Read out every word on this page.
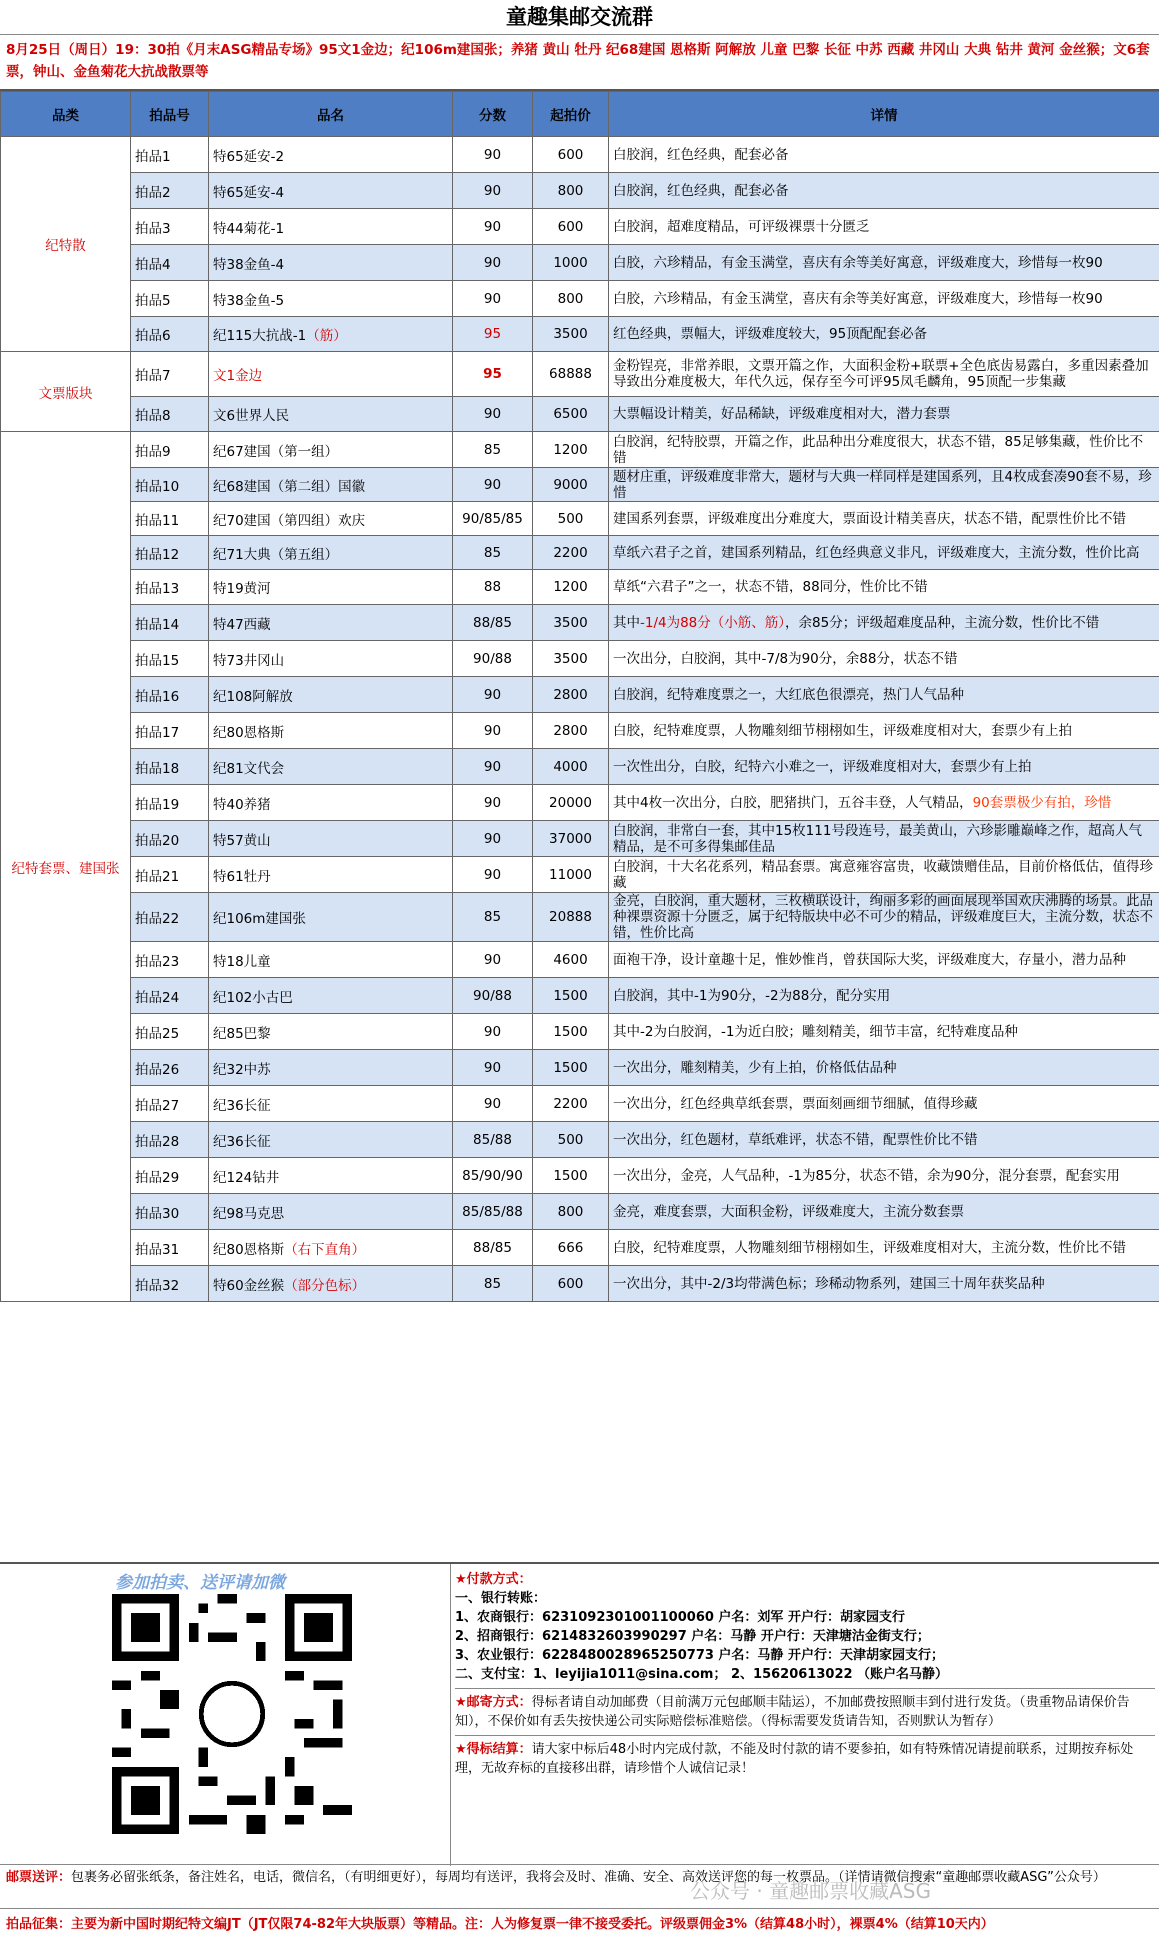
童趣集邮交流群
8月25日（周日）19：30拍《月末ASG精品专场》95文1金边；纪106m建国张；养猪 黄山 牡丹 纪68建国 恩格斯 阿解放 儿童 巴黎 长征 中苏 西藏 井冈山 大典 钻井 黄河 金丝猴；文6套票，钟山、金鱼菊花大抗战散票等
品类	拍品号	品名	分数	起拍价	详情
纪特散	拍品1	特65延安-2	90	600	白胶润，红色经典，配套必备
	拍品2	特65延安-4	90	800	白胶润，红色经典，配套必备
	拍品3	特44菊花-1	90	600	白胶润，超难度精品，可评级裸票十分匮乏
	拍品4	特38金鱼-4	90	1000	白胶，六珍精品，有金玉满堂，喜庆有余等美好寓意，评级难度大，珍惜每一枚90
	拍品5	特38金鱼-5	90	800	白胶，六珍精品，有金玉满堂，喜庆有余等美好寓意，评级难度大，珍惜每一枚90
	拍品6	纪115大抗战-1（筋）	95	3500	红色经典，票幅大，评级难度较大，95顶配配套必备
文票版块	拍品7	文1金边	95	68888	金粉锃亮，非常养眼，文票开篇之作，大面积金粉+联票+全色底齿易露白，多重因素叠加导致出分难度极大，年代久远，保存至今可评95凤毛麟角，95顶配一步集藏
	拍品8	文6世界人民	90	6500	大票幅设计精美，好品稀缺，评级难度相对大，潜力套票
纪特套票、建国张	拍品9	纪67建国（第一组）	85	1200	白胶润，纪特胶票，开篇之作，此品种出分难度很大，状态不错，85足够集藏，性价比不错
	拍品10	纪68建国（第二组）国徽	90	9000	题材庄重，评级难度非常大，题材与大典一样同样是建国系列，且4枚成套凑90套不易，珍惜
	拍品11	纪70建国（第四组）欢庆	90/85/85	500	建国系列套票，评级难度出分难度大，票面设计精美喜庆，状态不错，配票性价比不错
	拍品12	纪71大典（第五组）	85	2200	草纸六君子之首，建国系列精品，红色经典意义非凡，评级难度大，主流分数，性价比高
	拍品13	特19黄河	88	1200	草纸“六君子”之一，状态不错，88同分，性价比不错
	拍品14	特47西藏	88/85	3500	其中-1/4为88分（小筋、筋），余85分；评级超难度品种，主流分数，性价比不错
	拍品15	特73井冈山	90/88	3500	一次出分，白胶润，其中-7/8为90分，余88分，状态不错
	拍品16	纪108阿解放	90	2800	白胶润，纪特难度票之一，大红底色很漂亮，热门人气品种
	拍品17	纪80恩格斯	90	2800	白胶，纪特难度票，人物雕刻细节栩栩如生，评级难度相对大，套票少有上拍
	拍品18	纪81文代会	90	4000	一次性出分，白胶，纪特六小难之一，评级难度相对大，套票少有上拍
	拍品19	特40养猪	90	20000	其中4枚一次出分，白胶，肥猪拱门，五谷丰登，人气精品，90套票极少有拍，珍惜
	拍品20	特57黄山	90	37000	白胶润，非常白一套，其中15枚111号段连号，最美黄山，六珍影雕巅峰之作，超高人气精品，是不可多得集邮佳品
	拍品21	特61牡丹	90	11000	白胶润，十大名花系列，精品套票。寓意雍容富贵，收藏馈赠佳品，目前价格低估，值得珍藏
	拍品22	纪106m建国张	85	20888	金亮，白胶润，重大题材，三枚横联设计，绚丽多彩的画面展现举国欢庆沸腾的场景。此品种裸票资源十分匮乏，属于纪特版块中必不可少的精品，评级难度巨大，主流分数，状态不错，性价比高
	拍品23	特18儿童	90	4600	面袍干净，设计童趣十足，惟妙惟肖，曾获国际大奖，评级难度大，存量小，潜力品种
	拍品24	纪102小古巴	90/88	1500	白胶润，其中-1为90分，-2为88分，配分实用
	拍品25	纪85巴黎	90	1500	其中-2为白胶润，-1为近白胶；雕刻精美，细节丰富，纪特难度品种
	拍品26	纪32中苏	90	1500	一次出分，雕刻精美，少有上拍，价格低估品种
	拍品27	纪36长征	90	2200	一次出分，红色经典草纸套票，票面刻画细节细腻，值得珍藏
	拍品28	纪36长征	85/88	500	一次出分，红色题材，草纸难评，状态不错，配票性价比不错
	拍品29	纪124钻井	85/90/90	1500	一次出分，金亮，人气品种，-1为85分，状态不错，余为90分，混分套票，配套实用
	拍品30	纪98马克思	85/85/88	800	金亮，难度套票，大面积金粉，评级难度大，主流分数套票
	拍品31	纪80恩格斯（右下直角）	88/85	666	白胶，纪特难度票，人物雕刻细节栩栩如生，评级难度相对大，主流分数，性价比不错
	拍品32	特60金丝猴（部分色标）	85	600	一次出分，其中-2/3均带满色标；珍稀动物系列，建国三十周年获奖品种
参加拍卖、送评请加微	★付款方式：
一、银行转账：
1、农商银行：6231092301001100060 户名：刘军 开户行：胡家园支行
2、招商银行：6214832603990297 户名：马静 开户行：天津塘沽金街支行；
3、农业银行：6228480028965250773 户名：马静 开户行：天津胡家园支行；
二、支付宝：1、leyijia1011@sina.com； 2、15620613022 （账户名马静）
★邮寄方式：得标者请自动加邮费（目前满万元包邮顺丰陆运），不加邮费按照顺丰到付进行发货。（贵重物品请保价告知），不保价如有丢失按快递公司实际赔偿标准赔偿。（得标需要发货请告知，否则默认为暂存）
★得标结算：请大家中标后48小时内完成付款，不能及时付款的请不要参拍，如有特殊情况请提前联系，过期按弃标处理，无故弃标的直接移出群，请珍惜个人诚信记录！
邮票送评：包裹务必留张纸条，备注姓名，电话，微信名，（有明细更好），每周均有送评，我将会及时、准确、安全、高效送评您的每一枚票品。（详情请微信搜索“童趣邮票收藏ASG”公众号）
拍品征集：主要为新中国时期纪特文编JT（JT仅限74-82年大块版票）等精品。注：人为修复票一律不接受委托。评级票佣金3%（结算48小时），裸票4%（结算10天内）
公众号 · 童趣邮票收藏ASG
